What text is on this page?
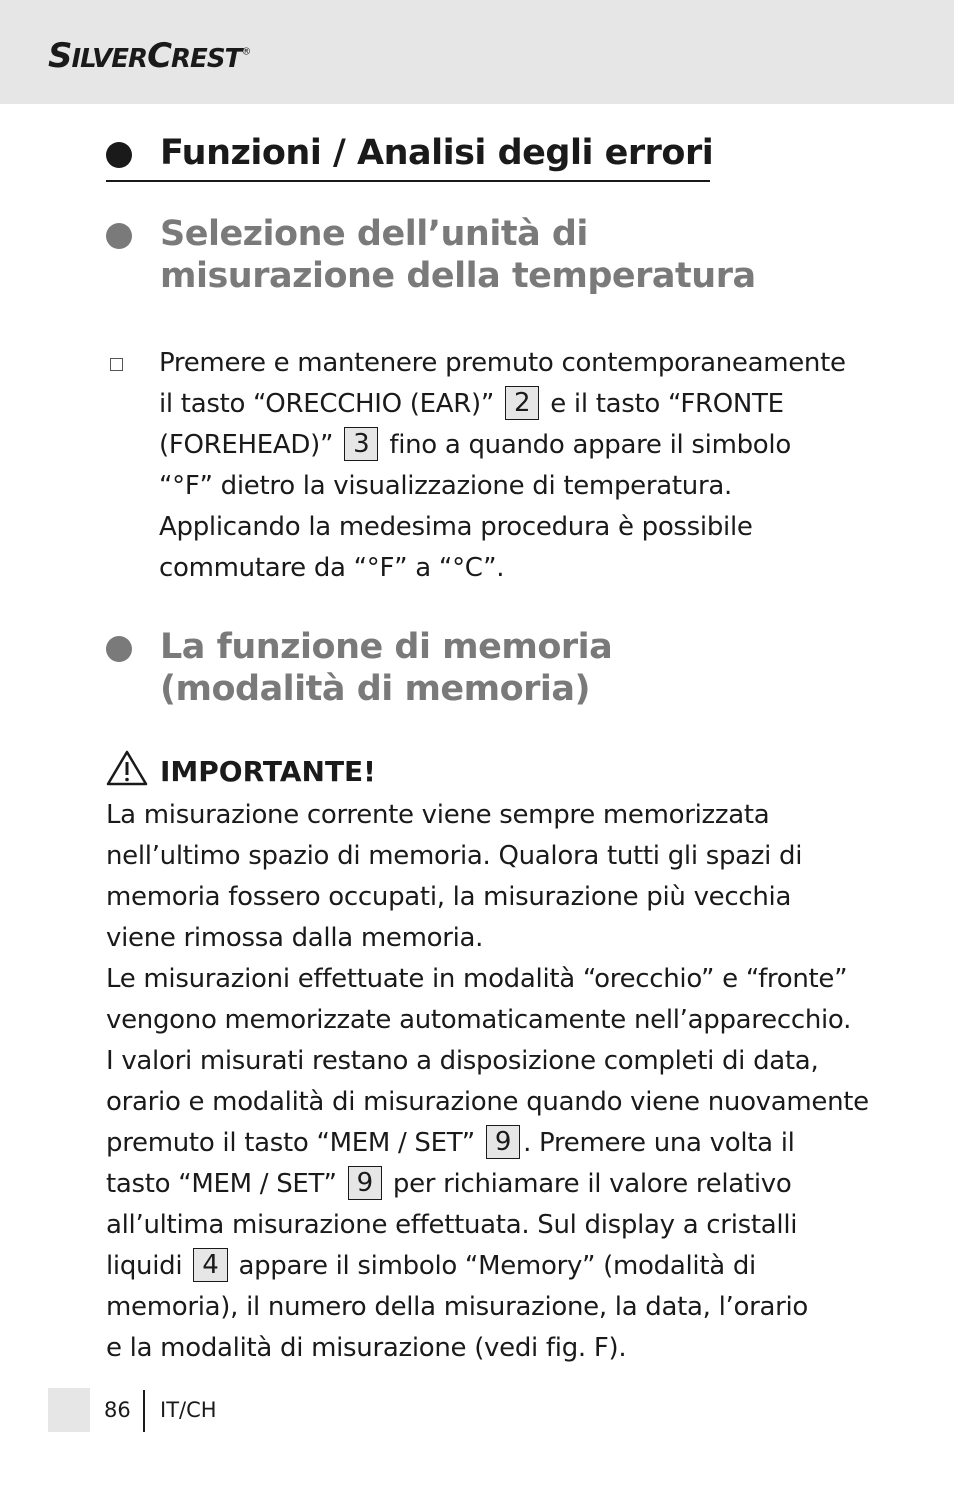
SILVERCREST®
Funzioni / Analisi degli errori
Selezione dell’unità di
misurazione della temperatura
Premere e mantenere premuto contemporaneamente
il tasto “ORECCHIO (EAR)” 2 e il tasto “FRONTE
(FOREHEAD)” 3 fino a quando appare il simbolo
“°F” dietro la visualizzazione di temperatura.
Applicando la medesima procedura è possibile
commutare da “°F” a “°C”.
La funzione di memoria
(modalità di memoria)
IMPORTANTE!
La misurazione corrente viene sempre memorizzata
nell’ultimo spazio di memoria. Qualora tutti gli spazi di
memoria fossero occupati, la misurazione più vecchia
viene rimossa dalla memoria.
Le misurazioni effettuate in modalità “orecchio” e “fronte”
vengono memorizzate automaticamente nell’apparecchio.
I valori misurati restano a disposizione completi di data,
orario e modalità di misurazione quando viene nuovamente
premuto il tasto “MEM / SET” 9 . Premere una volta il
tasto “MEM / SET” 9 per richiamare il valore relativo
all’ultima misurazione effettuata. Sul display a cristalli
liquidi 4 appare il simbolo “Memory” (modalità di
memoria), il numero della misurazione, la data, l’orario
e la modalità di misurazione (vedi fig. F).
86 IT/CH
